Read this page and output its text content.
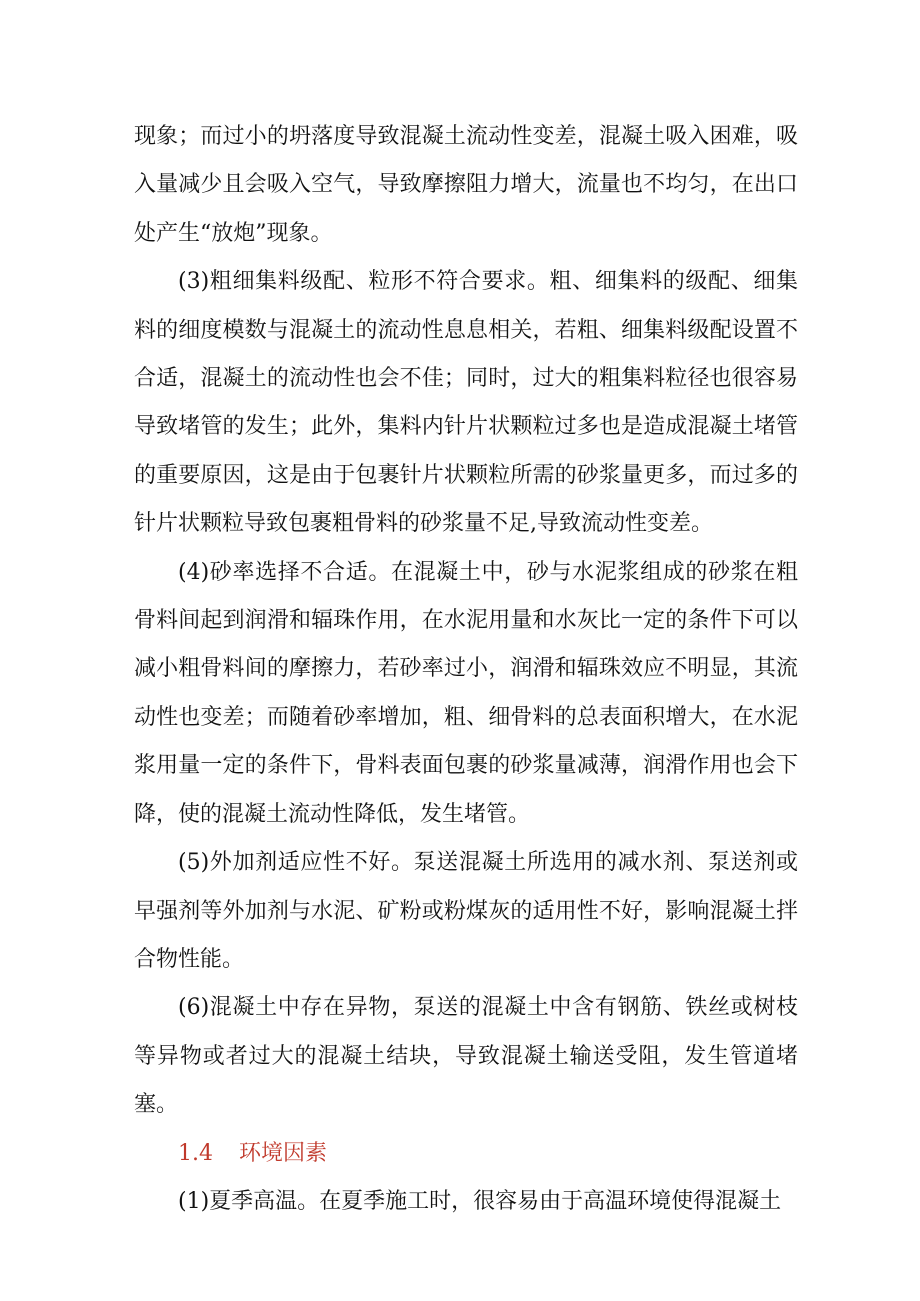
现象；而过小的坍落度导致混凝土流动性变差，混凝土吸入困难，吸入量减少且会吸入空气，导致摩擦阻力增大，流量也不均匀，在出口处产生“放炮”现象。

(3)粗细集料级配、粒形不符合要求。粗、细集料的级配、细集料的细度模数与混凝土的流动性息息相关，若粗、细集料级配设置不合适，混凝土的流动性也会不佳；同时，过大的粗集料粒径也很容易导致堵管的发生；此外，集料内针片状颗粒过多也是造成混凝土堵管的重要原因，这是由于包裹针片状颗粒所需的砂浆量更多，而过多的针片状颗粒导致包裹粗骨料的砂浆量不足,导致流动性变差。

(4)砂率选择不合适。在混凝土中，砂与水泥浆组成的砂浆在粗骨料间起到润滑和辐珠作用，在水泥用量和水灰比一定的条件下可以减小粗骨料间的摩擦力，若砂率过小，润滑和辐珠效应不明显，其流动性也变差；而随着砂率增加，粗、细骨料的总表面积增大，在水泥浆用量一定的条件下，骨料表面包裹的砂浆量减薄，润滑作用也会下降，使的混凝土流动性降低，发生堵管。

(5)外加剂适应性不好。泵送混凝土所选用的减水剂、泵送剂或早强剂等外加剂与水泥、矿粉或粉煤灰的适用性不好，影响混凝土拌合物性能。

(6)混凝土中存在异物，泵送的混凝土中含有钢筋、铁丝或树枝等异物或者过大的混凝土结块，导致混凝土输送受阻，发生管道堵塞。

1.4 环境因素

(1)夏季高温。在夏季施工时，很容易由于高温环境使得混凝土
